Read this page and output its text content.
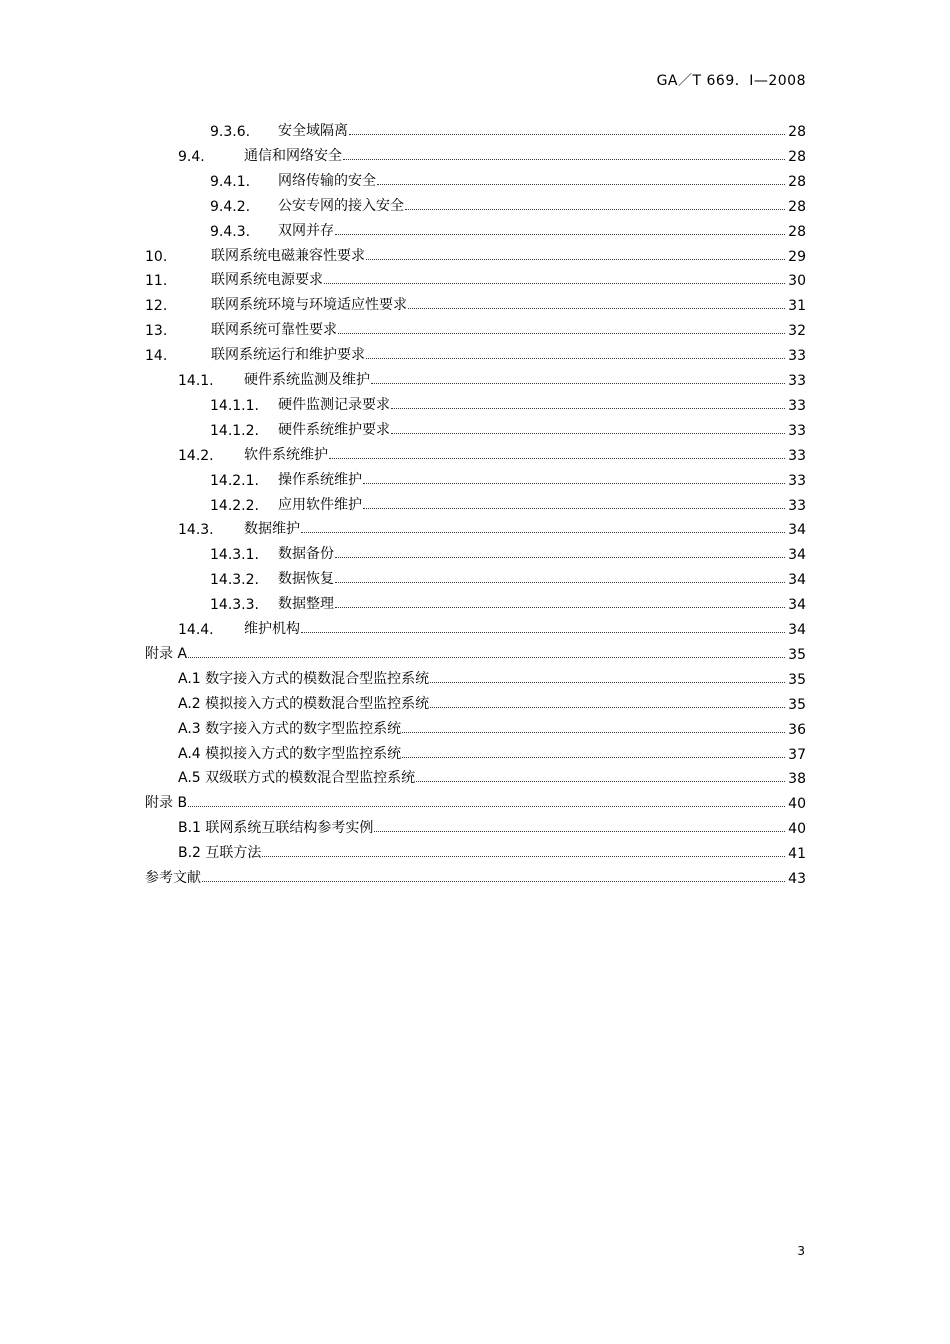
GA／T 669．I—2008
9.3.6.	安全域隔离	28
9.4.	通信和网络安全	28
9.4.1.	网络传输的安全	28
9.4.2.	公安专网的接入安全	28
9.4.3.	双网并存	28
10.	联网系统电磁兼容性要求	29
11.	联网系统电源要求	30
12.	联网系统环境与环境适应性要求	31
13.	联网系统可靠性要求	32
14.	联网系统运行和维护要求	33
14.1.	硬件系统监测及维护	33
14.1.1.	硬件监测记录要求	33
14.1.2.	硬件系统维护要求	33
14.2.	软件系统维护	33
14.2.1.	操作系统维护	33
14.2.2.	应用软件维护	33
14.3.	数据维护	34
14.3.1.	数据备份	34
14.3.2.	数据恢复	34
14.3.3.	数据整理	34
14.4.	维护机构	34
附录 A	35
A.1 数字接入方式的模数混合型监控系统	35
A.2 模拟接入方式的模数混合型监控系统	35
A.3 数字接入方式的数字型监控系统	36
A.4 模拟接入方式的数字型监控系统	37
A.5 双级联方式的模数混合型监控系统	38
附录 B	40
B.1 联网系统互联结构参考实例	40
B.2 互联方法	41
参考文献	43
3
